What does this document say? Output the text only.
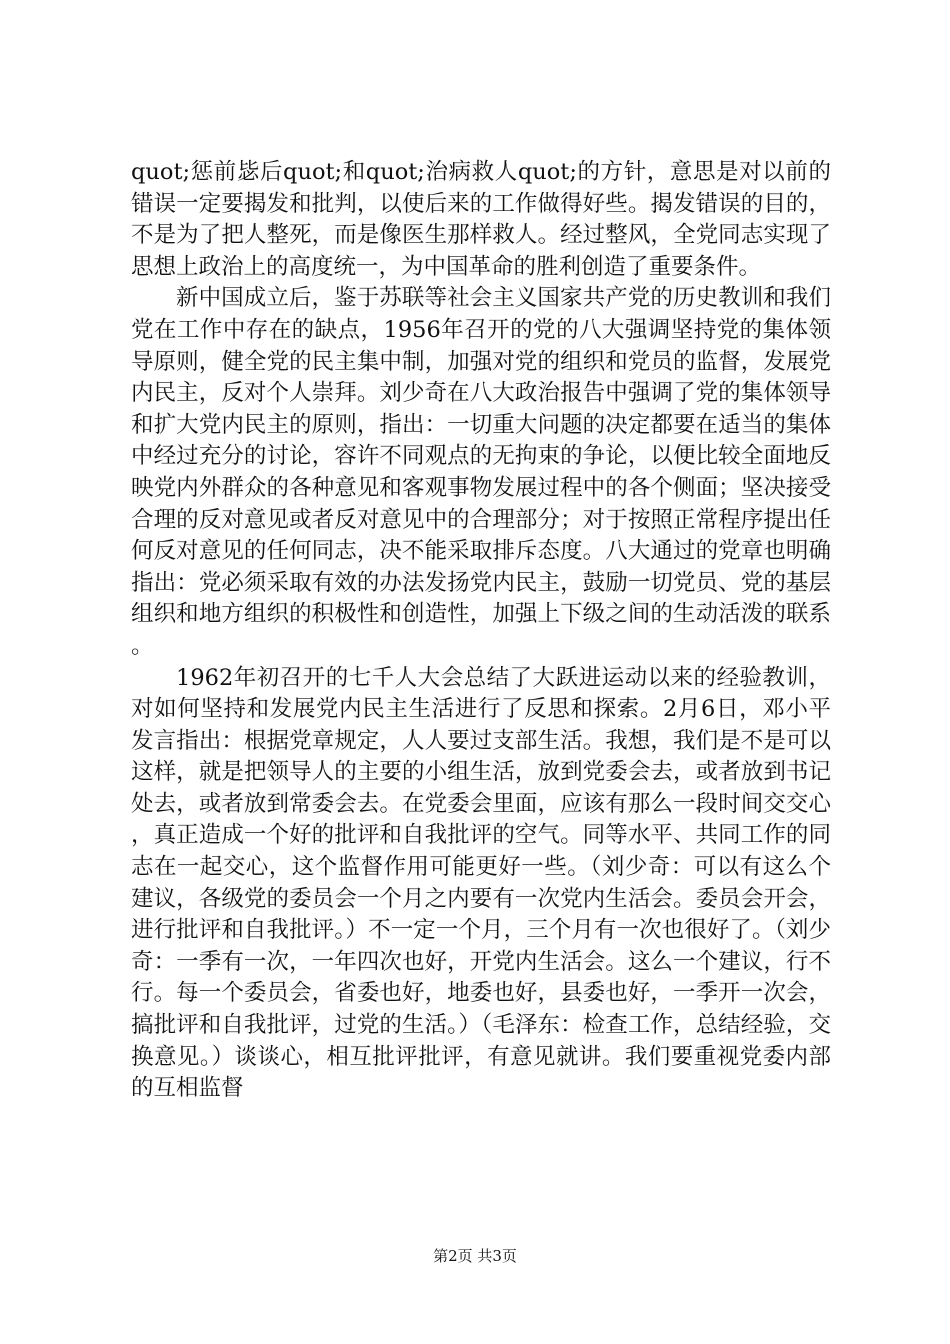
quot;惩前毖后quot;和quot;治病救人quot;的方针，意思是对以前的错误一定要揭发和批判，以使后来的工作做得好些。揭发错误的目的，不是为了把人整死，而是像医生那样救人。经过整风，全党同志实现了思想上政治上的高度统一，为中国革命的胜利创造了重要条件。

新中国成立后，鉴于苏联等社会主义国家共产党的历史教训和我们党在工作中存在的缺点，1956年召开的党的八大强调坚持党的集体领导原则，健全党的民主集中制，加强对党的组织和党员的监督，发展党内民主，反对个人崇拜。刘少奇在八大政治报告中强调了党的集体领导和扩大党内民主的原则，指出：一切重大问题的决定都要在适当的集体中经过充分的讨论，容许不同观点的无拘束的争论，以便比较全面地反映党内外群众的各种意见和客观事物发展过程中的各个侧面；坚决接受合理的反对意见或者反对意见中的合理部分；对于按照正常程序提出任何反对意见的任何同志，决不能采取排斥态度。八大通过的党章也明确指出：党必须采取有效的办法发扬党内民主，鼓励一切党员、党的基层组织和地方组织的积极性和创造性，加强上下级之间的生动活泼的联系。

1962年初召开的七千人大会总结了大跃进运动以来的经验教训，对如何坚持和发展党内民主生活进行了反思和探索。2月6日，邓小平发言指出：根据党章规定，人人要过支部生活。我想，我们是不是可以这样，就是把领导人的主要的小组生活，放到党委会去，或者放到书记处去，或者放到常委会去。在党委会里面，应该有那么一段时间交交心，真正造成一个好的批评和自我批评的空气。同等水平、共同工作的同志在一起交心，这个监督作用可能更好一些。（刘少奇：可以有这么个建议，各级党的委员会一个月之内要有一次党内生活会。委员会开会，进行批评和自我批评。）不一定一个月，三个月有一次也很好了。（刘少奇：一季有一次，一年四次也好，开党内生活会。这么一个建议，行不行。每一个委员会，省委也好，地委也好，县委也好，一季开一次会，搞批评和自我批评，过党的生活。）（毛泽东：检查工作，总结经验，交换意见。）谈谈心，相互批评批评，有意见就讲。我们要重视党委内部的互相监督

第2页 共3页
